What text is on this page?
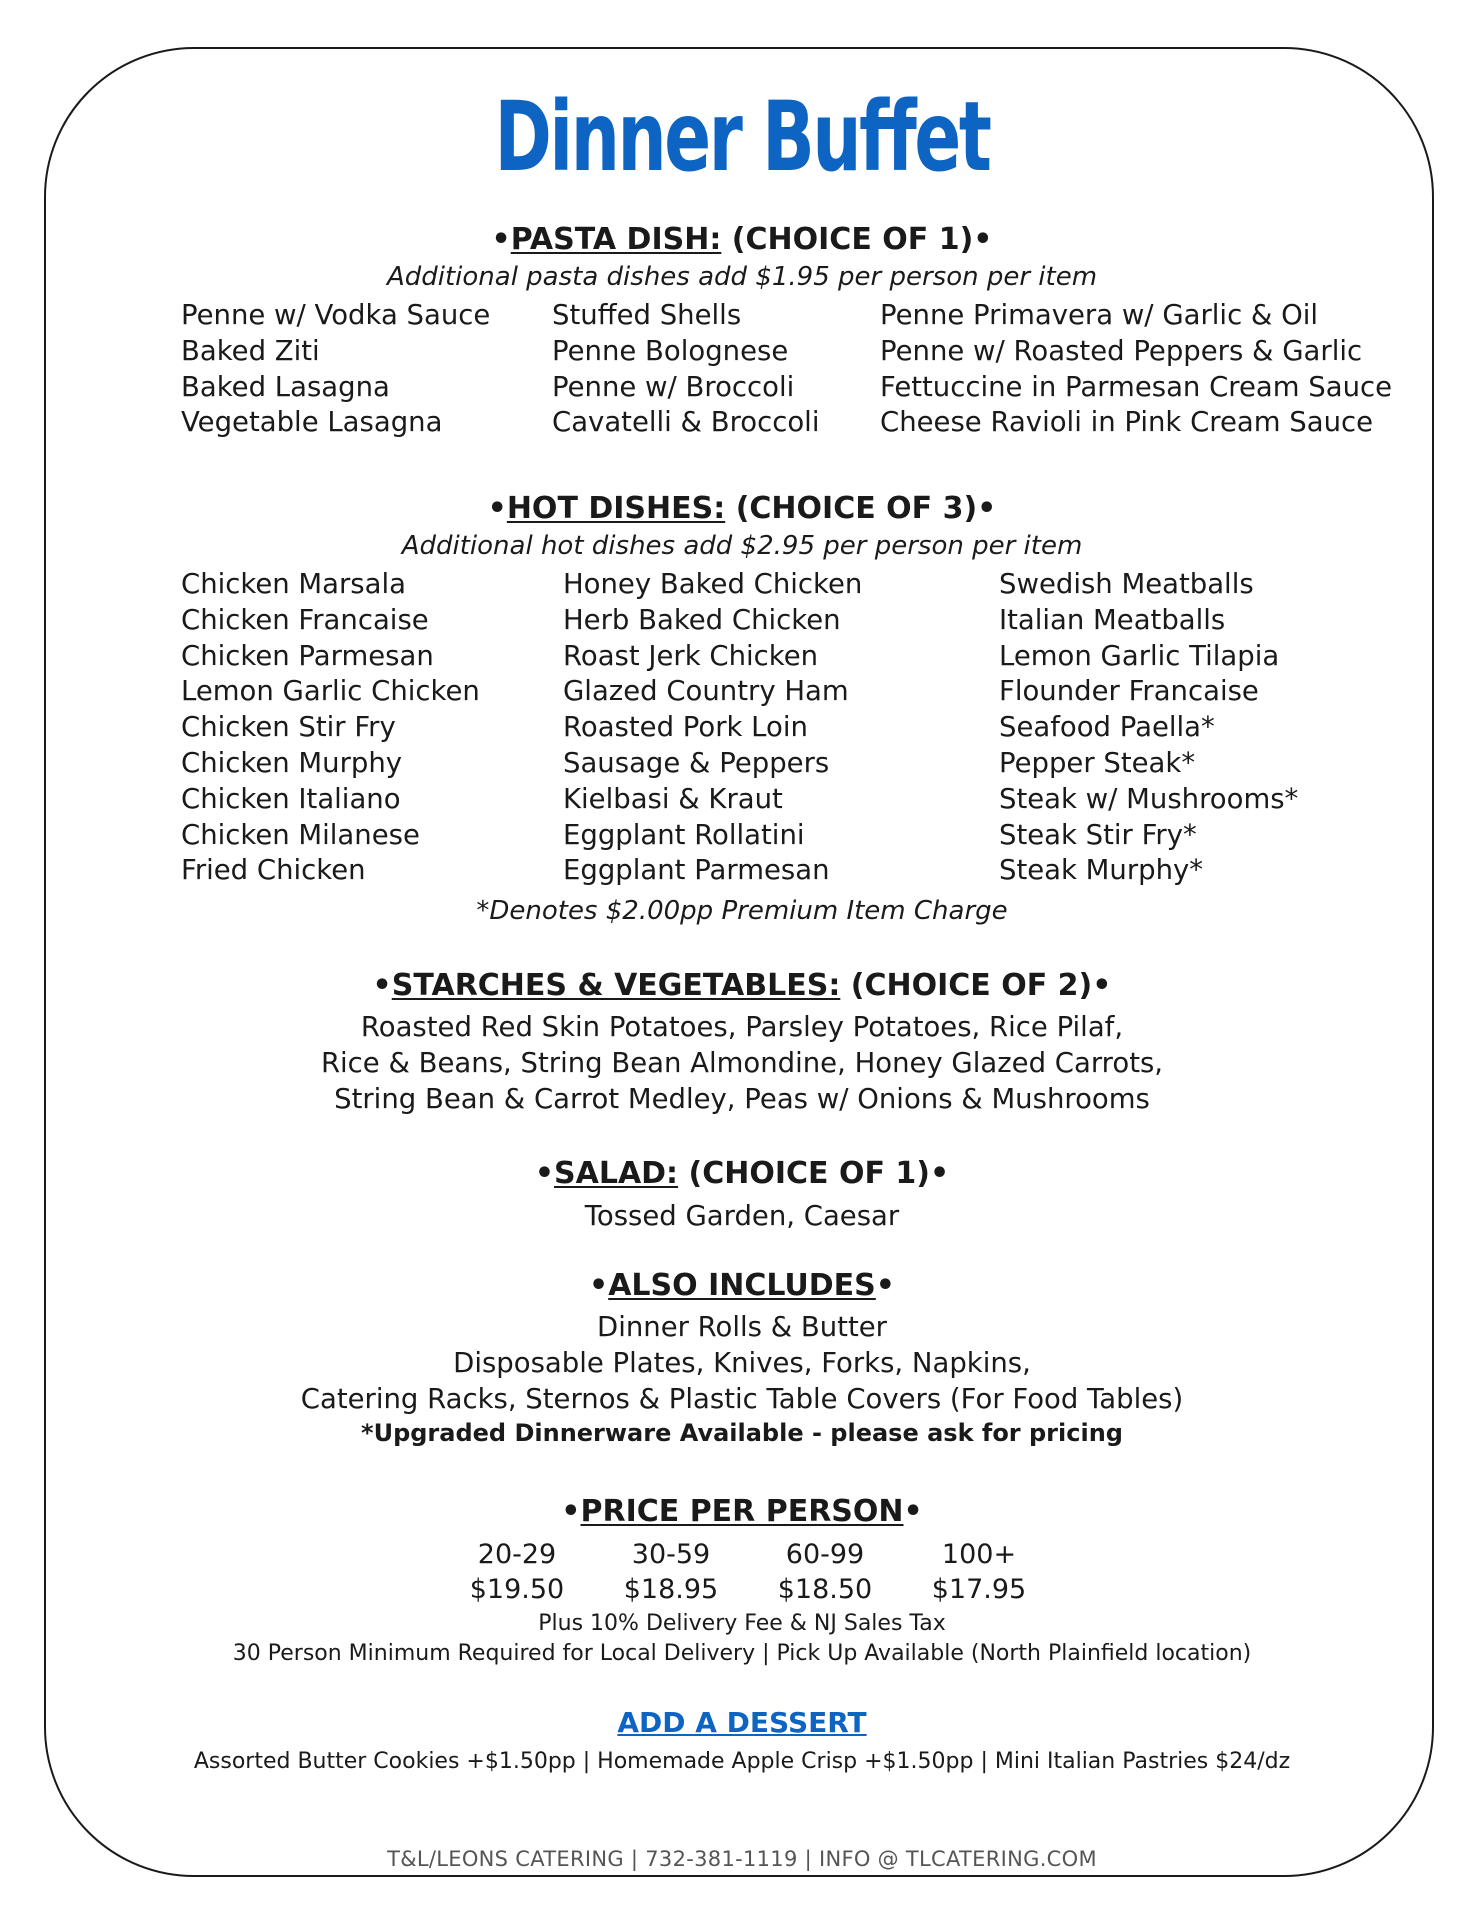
Dinner Buffet
•PASTA DISH: (CHOICE OF 1)•
Additional pasta dishes add $1.95 per person per item
Penne w/ Vodka Sauce
Baked Ziti
Baked Lasagna
Vegetable Lasagna
Stuffed Shells
Penne Bolognese
Penne w/ Broccoli
Cavatelli & Broccoli
Penne Primavera w/ Garlic & Oil
Penne w/ Roasted Peppers & Garlic
Fettuccine in Parmesan Cream Sauce
Cheese Ravioli in Pink Cream Sauce
•HOT DISHES: (CHOICE OF 3)•
Additional hot dishes add $2.95 per person per item
Chicken Marsala
Chicken Francaise
Chicken Parmesan
Lemon Garlic Chicken
Chicken Stir Fry
Chicken Murphy
Chicken Italiano
Chicken Milanese
Fried Chicken
Honey Baked Chicken
Herb Baked Chicken
Roast Jerk Chicken
Glazed Country Ham
Roasted Pork Loin
Sausage & Peppers
Kielbasi & Kraut
Eggplant Rollatini
Eggplant Parmesan
Swedish Meatballs
Italian Meatballs
Lemon Garlic Tilapia
Flounder Francaise
Seafood Paella*
Pepper Steak*
Steak w/ Mushrooms*
Steak Stir Fry*
Steak Murphy*
*Denotes $2.00pp Premium Item Charge
•STARCHES & VEGETABLES: (CHOICE OF 2)•
Roasted Red Skin Potatoes, Parsley Potatoes, Rice Pilaf,
Rice & Beans, String Bean Almondine, Honey Glazed Carrots,
String Bean & Carrot Medley, Peas w/ Onions & Mushrooms
•SALAD: (CHOICE OF 1)•
Tossed Garden, Caesar
•ALSO INCLUDES•
Dinner Rolls & Butter
Disposable Plates, Knives, Forks, Napkins,
Catering Racks, Sternos & Plastic Table Covers (For Food Tables)
*Upgraded Dinnerware Available - please ask for pricing
•PRICE PER PERSON•
20-29
$19.50
30-59
$18.95
60-99
$18.50
100+
$17.95
Plus 10% Delivery Fee & NJ Sales Tax
30 Person Minimum Required for Local Delivery | Pick Up Available (North Plainfield location)
ADD A DESSERT
Assorted Butter Cookies +$1.50pp | Homemade Apple Crisp +$1.50pp | Mini Italian Pastries $24/dz
T&L/LEONS CATERING | 732-381-1119 | INFO @ TLCATERING.COM
